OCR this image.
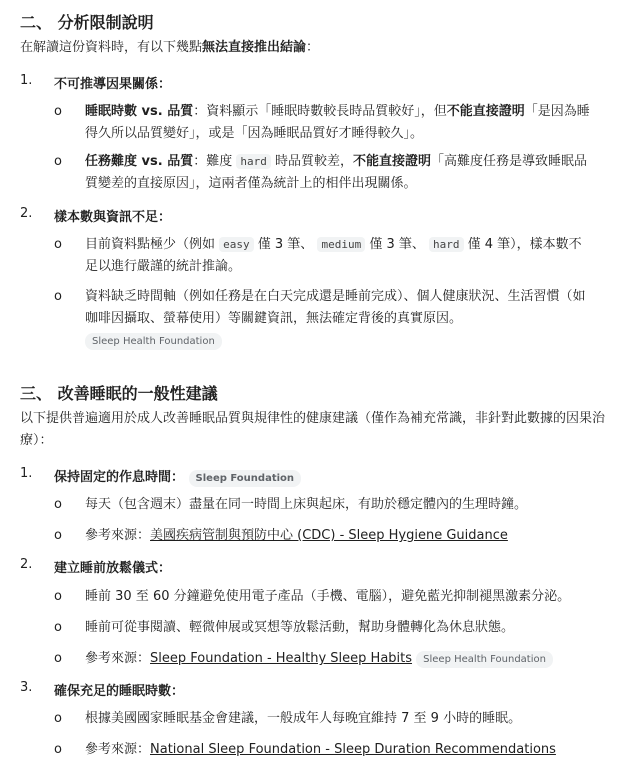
二、 分析限制說明

在解讀這份資料時，有以下幾點無法直接推出結論：

1. 不可推導因果關係：
o 睡眠時數 vs. 品質：資料顯示「睡眠時數較長時品質較好」，但不能直接證明「是因為睡得久所以品質變好」，或是「因為睡眠品質好才睡得較久」。
o 任務難度 vs. 品質：難度 hard 時品質較差，不能直接證明「高難度任務是導致睡眠品質變差的直接原因」，這兩者僅為統計上的相伴出現關係。
2. 樣本數與資訊不足：
o 目前資料點極少（例如 easy 僅 3 筆、 medium 僅 3 筆、 hard 僅 4 筆），樣本數不足以進行嚴謹的統計推論。
o 資料缺乏時間軸（例如任務是在白天完成還是睡前完成）、個人健康狀況、生活習慣（如咖啡因攝取、螢幕使用）等關鍵資訊，無法確定背後的真實原因。
Sleep Health Foundation
三、 改善睡眠的一般性建議

以下提供普遍適用於成人改善睡眠品質與規律性的健康建議（僅作為補充常識，非針對此數據的因果治療）：

1. 保持固定的作息時間： Sleep Foundation
o 每天（包含週末）盡量在同一時間上床與起床，有助於穩定體內的生理時鐘。
o 參考來源：美國疾病管制與預防中心 (CDC) - Sleep Hygiene Guidance
2. 建立睡前放鬆儀式：
o 睡前 30 至 60 分鐘避免使用電子產品（手機、電腦），避免藍光抑制褪黑激素分泌。
o 睡前可從事閱讀、輕微伸展或冥想等放鬆活動，幫助身體轉化為休息狀態。
o 參考來源：Sleep Foundation - Healthy Sleep Habits Sleep Health Foundation
3. 確保充足的睡眠時數：
o 根據美國國家睡眠基金會建議，一般成年人每晚宜維持 7 至 9 小時的睡眠。
o 參考來源：National Sleep Foundation - Sleep Duration Recommendations
